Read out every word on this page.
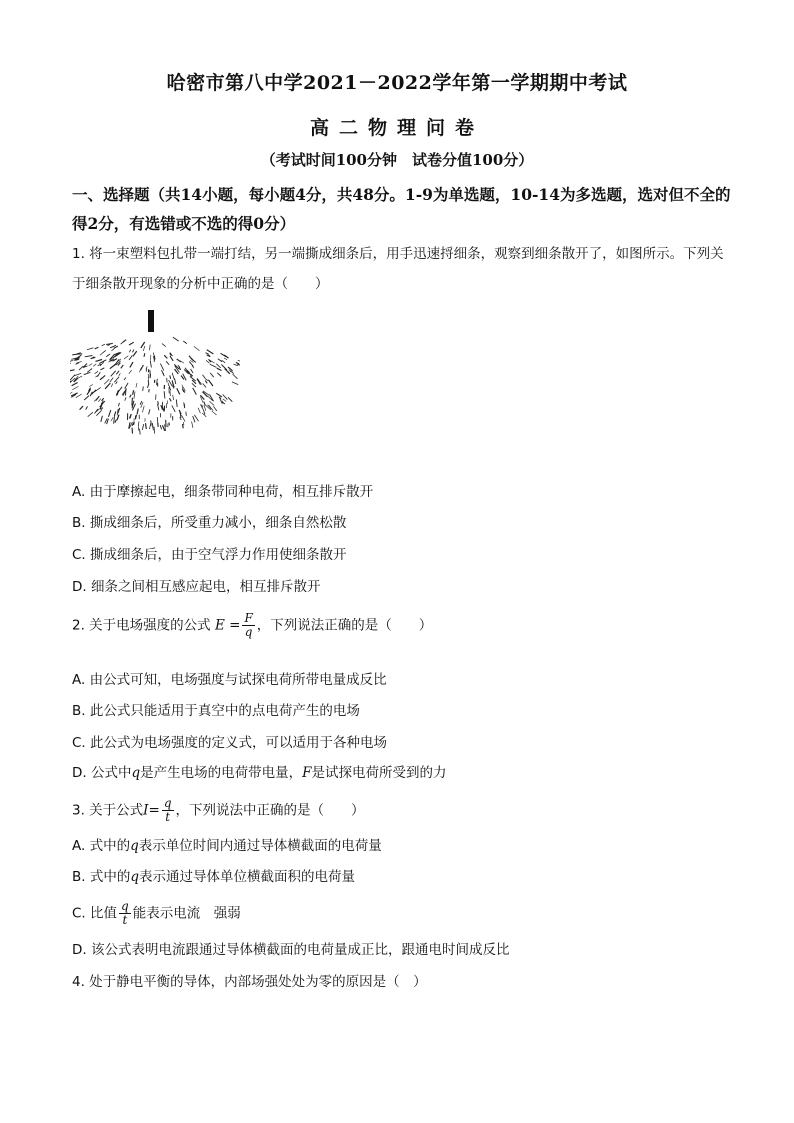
哈密市第八中学2021－2022学年第一学期期中考试
高二物理问卷
（考试时间100分钟　试卷分值100分）
一、选择题（共14小题，每小题4分，共48分。1-9为单选题，10-14为多选题，选对但不全的得2分，有选错或不选的得0分）
1. 将一束塑料包扎带一端打结，另一端撕成细条后，用手迅速捋细条，观察到细条散开了，如图所示。下列关于细条散开现象的分析中正确的是（　　）
A. 由于摩擦起电，细条带同种电荷，相互排斥散开
B. 撕成细条后，所受重力减小，细条自然松散
C. 撕成细条后，由于空气浮力作用使细条散开
D. 细条之间相互感应起电，相互排斥散开
2. 关于电场强度的公式 $E = \frac{F}{q}$ ，下列说法正确的是（　　）
A. 由公式可知，电场强度与试探电荷所带电量成反比
B. 此公式只能适用于真空中的点电荷产生的电场
C. 此公式为电场强度的定义式，可以适用于各种电场
D. 公式中q是产生电场的电荷带电量，F是试探电荷所受到的力
3. 关于公式$I= \frac{q}{t}$ ，下列说法中正确的是（　　）
A. 式中的q表示单位时间内通过导体横截面的电荷量
B. 式中的q表示通过导体单位横截面积的电荷量
C. 比值 $\frac{q}{t}$ 能表示电流　强弱
D. 该公式表明电流跟通过导体横截面的电荷量成正比，跟通电时间成反比
4. 处于静电平衡的导体，内部场强处处为零的原因是（　）
